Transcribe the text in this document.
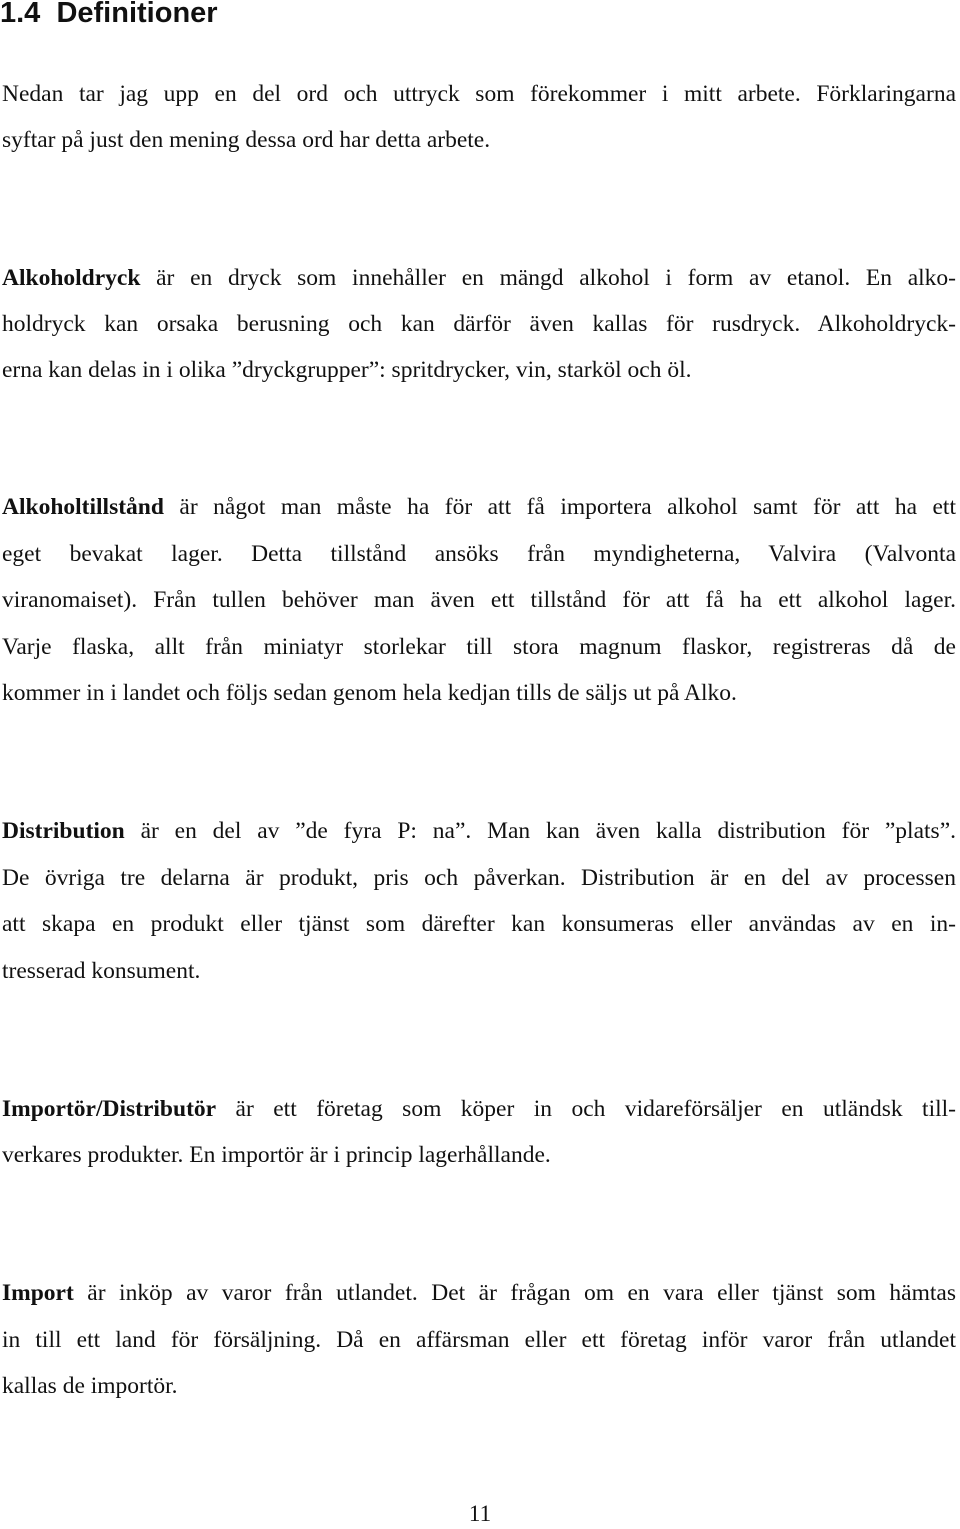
1.4 Definitioner
Nedan tar jag upp en del ord och uttryck som förekommer i mitt arbete. Förklaringarna
syftar på just den mening dessa ord har detta arbete.
Alkoholdryck är en dryck som innehåller en mängd alkohol i form av etanol. En alko-
holdryck kan orsaka berusning och kan därför även kallas för rusdryck. Alkoholdryck-
erna kan delas in i olika ”dryckgrupper”: spritdrycker, vin, starköl och öl.
Alkoholtillstånd är något man måste ha för att få importera alkohol samt för att ha ett
eget bevakat lager. Detta tillstånd ansöks från myndigheterna, Valvira (Valvonta
viranomaiset). Från tullen behöver man även ett tillstånd för att få ha ett alkohol lager.
Varje flaska, allt från miniatyr storlekar till stora magnum flaskor, registreras då de
kommer in i landet och följs sedan genom hela kedjan tills de säljs ut på Alko.
Distribution är en del av ”de fyra P: na”. Man kan även kalla distribution för ”plats”.
De övriga tre delarna är produkt, pris och påverkan. Distribution är en del av processen
att skapa en produkt eller tjänst som därefter kan konsumeras eller användas av en in-
tresserad konsument.
Importör/Distributör är ett företag som köper in och vidareförsäljer en utländsk till-
verkares produkter. En importör är i princip lagerhållande.
Import är inköp av varor från utlandet. Det är frågan om en vara eller tjänst som hämtas
in till ett land för försäljning. Då en affärsman eller ett företag inför varor från utlandet
kallas de importör.

11
